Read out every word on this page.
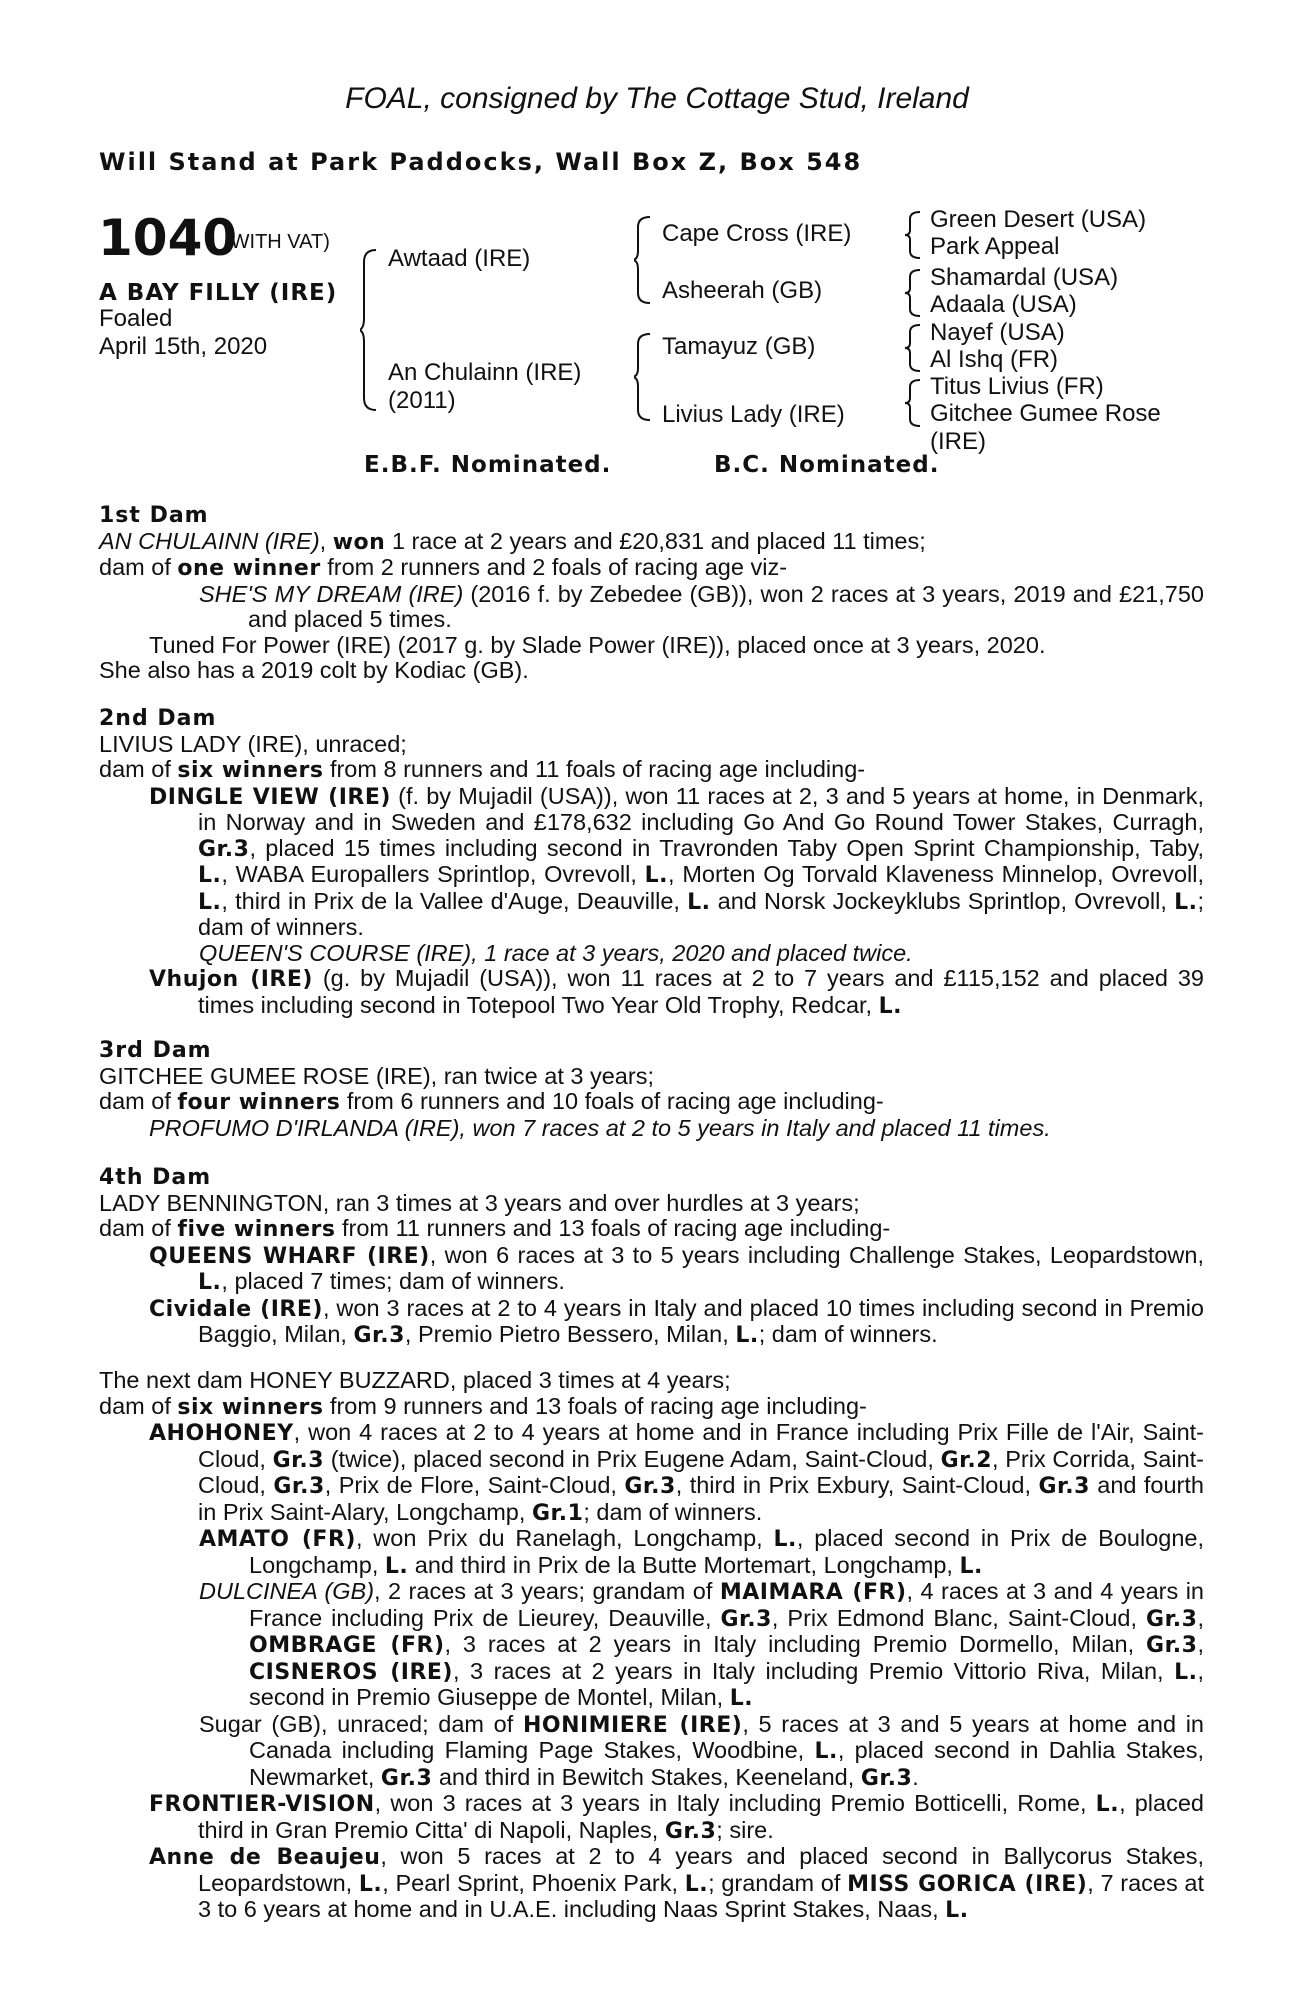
FOAL, consigned by The Cottage Stud, Ireland
Will Stand at Park Paddocks, Wall Box Z, Box 548
1040
(WITH VAT)
A BAY FILLY (IRE)
Foaled
April 15th, 2020
Awtaad (IRE)
An Chulainn (IRE)
(2011)
Cape Cross (IRE)
Asheerah (GB)
Tamayuz (GB)
Livius Lady (IRE)
Green Desert (USA)
Park Appeal
Shamardal (USA)
Adaala (USA)
Nayef (USA)
Al Ishq (FR)
Titus Livius (FR)
Gitchee Gumee Rose
(IRE)
E.B.F. Nominated.	B.C. Nominated.
1st Dam

AN CHULAINN (IRE), won 1 race at 2 years and £20,831 and placed 11 times;

dam of one winner from 2 runners and 2 foals of racing age viz-

SHE'S MY DREAM (IRE) (2016 f. by Zebedee (GB)), won 2 races at 3 years, 2019 and £21,750 and placed 5 times.

Tuned For Power (IRE) (2017 g. by Slade Power (IRE)), placed once at 3 years, 2020.

She also has a 2019 colt by Kodiac (GB).

2nd Dam

LIVIUS LADY (IRE), unraced;

dam of six winners from 8 runners and 11 foals of racing age including-

DINGLE VIEW (IRE) (f. by Mujadil (USA)), won 11 races at 2, 3 and 5 years at home, in Denmark, in Norway and in Sweden and £178,632 including Go And Go Round Tower Stakes, Curragh, Gr.3, placed 15 times including second in Travronden Taby Open Sprint Championship, Taby, L., WABA Europallers Sprintlop, Ovrevoll, L., Morten Og Torvald Klaveness Minnelop, Ovrevoll, L., third in Prix de la Vallee d'Auge, Deauville, L. and Norsk Jockeyklubs Sprintlop, Ovrevoll, L.; dam of winners.

QUEEN'S COURSE (IRE), 1 race at 3 years, 2020 and placed twice.

Vhujon (IRE) (g. by Mujadil (USA)), won 11 races at 2 to 7 years and £115,152 and placed 39 times including second in Totepool Two Year Old Trophy, Redcar, L.

3rd Dam

GITCHEE GUMEE ROSE (IRE), ran twice at 3 years;

dam of four winners from 6 runners and 10 foals of racing age including-

PROFUMO D'IRLANDA (IRE), won 7 races at 2 to 5 years in Italy and placed 11 times.

4th Dam

LADY BENNINGTON, ran 3 times at 3 years and over hurdles at 3 years;

dam of five winners from 11 runners and 13 foals of racing age including-

QUEENS WHARF (IRE), won 6 races at 3 to 5 years including Challenge Stakes, Leopardstown, L., placed 7 times; dam of winners.

Cividale (IRE), won 3 races at 2 to 4 years in Italy and placed 10 times including second in Premio Baggio, Milan, Gr.3, Premio Pietro Bessero, Milan, L.; dam of winners.

The next dam HONEY BUZZARD, placed 3 times at 4 years;

dam of six winners from 9 runners and 13 foals of racing age including-

AHOHONEY, won 4 races at 2 to 4 years at home and in France including Prix Fille de l'Air, Saint-Cloud, Gr.3 (twice), placed second in Prix Eugene Adam, Saint-Cloud, Gr.2, Prix Corrida, Saint-Cloud, Gr.3, Prix de Flore, Saint-Cloud, Gr.3, third in Prix Exbury, Saint-Cloud, Gr.3 and fourth in Prix Saint-Alary, Longchamp, Gr.1; dam of winners.

AMATO (FR), won Prix du Ranelagh, Longchamp, L., placed second in Prix de Boulogne, Longchamp, L. and third in Prix de la Butte Mortemart, Longchamp, L.

DULCINEA (GB), 2 races at 3 years; grandam of MAIMARA (FR), 4 races at 3 and 4 years in France including Prix de Lieurey, Deauville, Gr.3, Prix Edmond Blanc, Saint-Cloud, Gr.3, OMBRAGE (FR), 3 races at 2 years in Italy including Premio Dormello, Milan, Gr.3, CISNEROS (IRE), 3 races at 2 years in Italy including Premio Vittorio Riva, Milan, L., second in Premio Giuseppe de Montel, Milan, L.

Sugar (GB), unraced; dam of HONIMIERE (IRE), 5 races at 3 and 5 years at home and in Canada including Flaming Page Stakes, Woodbine, L., placed second in Dahlia Stakes, Newmarket, Gr.3 and third in Bewitch Stakes, Keeneland, Gr.3.

FRONTIER-VISION, won 3 races at 3 years in Italy including Premio Botticelli, Rome, L., placed third in Gran Premio Citta' di Napoli, Naples, Gr.3; sire.

Anne de Beaujeu, won 5 races at 2 to 4 years and placed second in Ballycorus Stakes, Leopardstown, L., Pearl Sprint, Phoenix Park, L.; grandam of MISS GORICA (IRE), 7 races at 3 to 6 years at home and in U.A.E. including Naas Sprint Stakes, Naas, L.
